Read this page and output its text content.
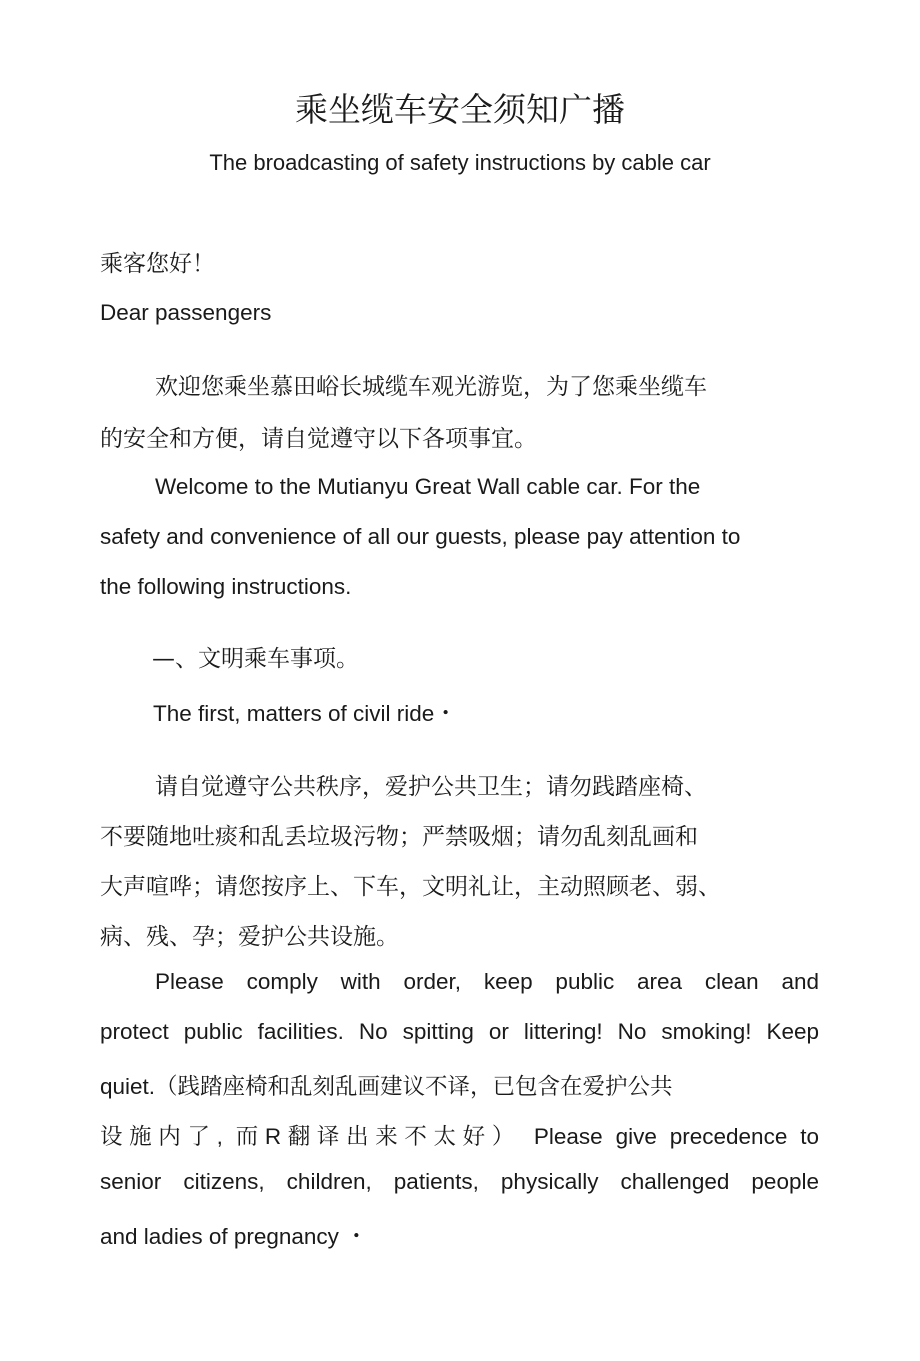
乘坐缆车安全须知广播
The broadcasting of safety instructions by cable car
乘客您好！
Dear passengers
欢迎您乘坐慕田峪长城缆车观光游览，为了您乘坐缆车
的安全和方便，请自觉遵守以下各项事宜。
Welcome to the Mutianyu Great Wall cable car. For the
safety and convenience of all our guests, please pay attention to
the following instructions.
—、文明乘车事项。
The first, matters of civil ride・
请自觉遵守公共秩序，爱护公共卫生；请勿践踏座椅、
不要随地吐痰和乱丢垃圾污物；严禁吸烟；请勿乱刻乱画和
大声喧哗；请您按序上、下车，文明礼让，主动照顾老、弱、
病、残、孕；爱护公共设施。
Please comply with order, keep public area clean and
protect public facilities. No spitting or littering! No smoking! Keep
quiet.（践踏座椅和乱刻乱画建议不译，已包含在爱护公共
设施内了, 而R翻译出来不太好） Please give precedence to
senior citizens, children, patients, physically challenged people
and ladies of pregnancy ・
